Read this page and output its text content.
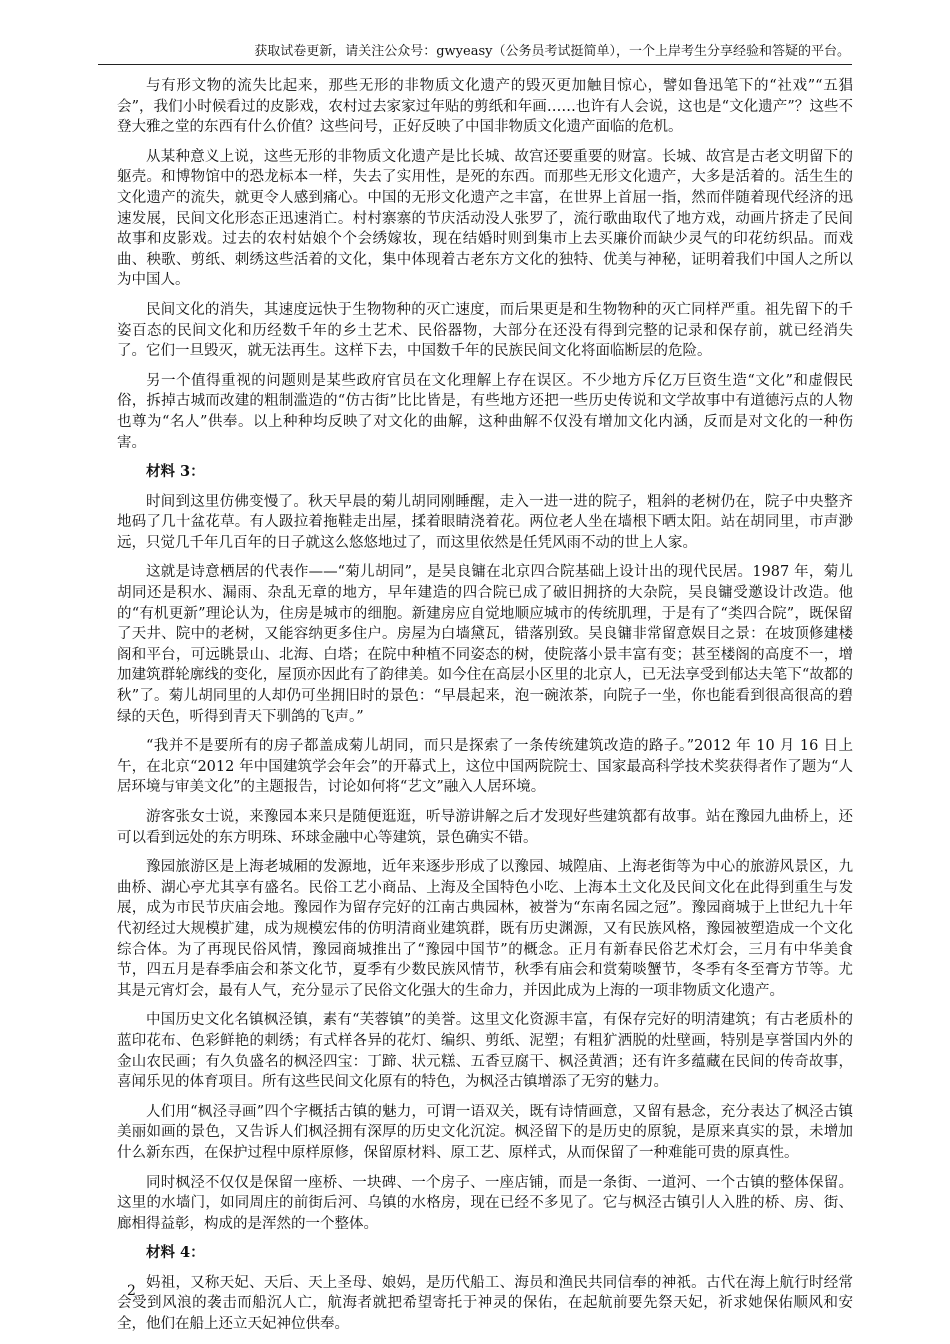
获取试卷更新，请关注公众号：gwyeasy（公务员考试挺简单），一个上岸考生分享经验和答疑的平台。

与有形文物的流失比起来，那些无形的非物质文化遗产的毁灭更加触目惊心，譬如鲁迅笔下的“社戏”“五猖会”，我们小时候看过的皮影戏，农村过去家家过年贴的剪纸和年画……也许有人会说，这也是“文化遗产”？这些不登大雅之堂的东西有什么价值？这些问号，正好反映了中国非物质文化遗产面临的危机。

从某种意义上说，这些无形的非物质文化遗产是比长城、故宫还要重要的财富。长城、故宫是古老文明留下的躯壳。和博物馆中的恐龙标本一样，失去了实用性，是死的东西。而那些无形文化遗产，大多是活着的。活生生的文化遗产的流失，就更令人感到痛心。中国的无形文化遗产之丰富，在世界上首屈一指，然而伴随着现代经济的迅速发展，民间文化形态正迅速消亡。村村寨寨的节庆活动没人张罗了，流行歌曲取代了地方戏，动画片挤走了民间故事和皮影戏。过去的农村姑娘个个会绣嫁妆，现在结婚时则到集市上去买廉价而缺少灵气的印花纺织品。而戏曲、秧歌、剪纸、刺绣这些活着的文化，集中体现着古老东方文化的独特、优美与神秘，证明着我们中国人之所以为中国人。

民间文化的消失，其速度远快于生物物种的灭亡速度，而后果更是和生物物种的灭亡同样严重。祖先留下的千姿百态的民间文化和历经数千年的乡土艺术、民俗器物，大部分在还没有得到完整的记录和保存前，就已经消失了。它们一旦毁灭，就无法再生。这样下去，中国数千年的民族民间文化将面临断层的危险。

另一个值得重视的问题则是某些政府官员在文化理解上存在误区。不少地方斥亿万巨资生造“文化”和虚假民俗，拆掉古城而改建的粗制滥造的“仿古街”比比皆是，有些地方还把一些历史传说和文学故事中有道德污点的人物也尊为“名人”供奉。以上种种均反映了对文化的曲解，这种曲解不仅没有增加文化内涵，反而是对文化的一种伤害。

材料 3：

时间到这里仿佛变慢了。秋天早晨的菊儿胡同刚睡醒，走入一进一进的院子，粗斜的老树仍在，院子中央整齐地码了几十盆花草。有人趿拉着拖鞋走出屋，揉着眼睛浇着花。两位老人坐在墙根下晒太阳。站在胡同里，市声渺远，只觉几千年几百年的日子就这么悠悠地过了，而这里依然是任凭风雨不动的世上人家。

这就是诗意栖居的代表作——“菊儿胡同”，是吴良镛在北京四合院基础上设计出的现代民居。1987 年，菊儿胡同还是积水、漏雨、杂乱无章的地方，早年建造的四合院已成了破旧拥挤的大杂院，吴良镛受邀设计改造。他的“有机更新”理论认为，住房是城市的细胞。新建房应自觉地顺应城市的传统肌理，于是有了“类四合院”，既保留了天井、院中的老树，又能容纳更多住户。房屋为白墙黛瓦，错落别致。吴良镛非常留意娱目之景：在坡顶修建楼阁和平台，可远眺景山、北海、白塔；在院中种植不同姿态的树，使院落小景丰富有变；甚至楼阁的高度不一，增加建筑群轮廓线的变化，屋顶亦因此有了韵律美。如今住在高层小区里的北京人，已无法享受到郁达夫笔下“故都的秋”了。菊儿胡同里的人却仍可坐拥旧时的景色：“早晨起来，泡一碗浓茶，向院子一坐，你也能看到很高很高的碧绿的天色，听得到青天下驯鸽的飞声。”

“我并不是要所有的房子都盖成菊儿胡同，而只是探索了一条传统建筑改造的路子。”2012 年 10 月 16 日上午，在北京“2012 年中国建筑学会年会”的开幕式上，这位中国两院院士、国家最高科学技术奖获得者作了题为“人居环境与审美文化”的主题报告，讨论如何将“艺文”融入人居环境。

游客张女士说，来豫园本来只是随便逛逛，听导游讲解之后才发现好些建筑都有故事。站在豫园九曲桥上，还可以看到远处的东方明珠、环球金融中心等建筑，景色确实不错。

豫园旅游区是上海老城厢的发源地，近年来逐步形成了以豫园、城隍庙、上海老街等为中心的旅游风景区，九曲桥、湖心亭尤其享有盛名。民俗工艺小商品、上海及全国特色小吃、上海本土文化及民间文化在此得到重生与发展，成为市民节庆庙会地。豫园作为留存完好的江南古典园林，被誉为“东南名园之冠”。豫园商城于上世纪九十年代初经过大规模扩建，成为规模宏伟的仿明清商业建筑群，既有历史渊源，又有民族风格，豫园被塑造成一个文化综合体。为了再现民俗风情，豫园商城推出了“豫园中国节”的概念。正月有新春民俗艺术灯会，三月有中华美食节，四五月是春季庙会和茶文化节，夏季有少数民族风情节，秋季有庙会和赏菊啖蟹节，冬季有冬至膏方节等。尤其是元宵灯会，最有人气，充分显示了民俗文化强大的生命力，并因此成为上海的一项非物质文化遗产。

中国历史文化名镇枫泾镇，素有“芙蓉镇”的美誉。这里文化资源丰富，有保存完好的明清建筑；有古老质朴的蓝印花布、色彩鲜艳的刺绣；有式样各异的花灯、编织、剪纸、泥塑；有粗犷洒脱的灶壁画，特别是享誉国内外的金山农民画；有久负盛名的枫泾四宝：丁蹄、状元糕、五香豆腐干、枫泾黄酒；还有许多蕴藏在民间的传奇故事，喜闻乐见的体育项目。所有这些民间文化原有的特色，为枫泾古镇增添了无穷的魅力。

人们用“枫泾寻画”四个字概括古镇的魅力，可谓一语双关，既有诗情画意，又留有悬念，充分表达了枫泾古镇美丽如画的景色，又告诉人们枫泾拥有深厚的历史文化沉淀。枫泾留下的是历史的原貌，是原来真实的景，未增加什么新东西，在保护过程中原样原修，保留原材料、原工艺、原样式，从而保留了一种难能可贵的原真性。

同时枫泾不仅仅是保留一座桥、一块碑、一个房子、一座店铺，而是一条街、一道河、一个古镇的整体保留。这里的水墙门，如同周庄的前街后河、乌镇的水格房，现在已经不多见了。它与枫泾古镇引人入胜的桥、房、街、廊相得益彰，构成的是浑然的一个整体。

材料 4：

妈祖，又称天妃、天后、天上圣母、娘妈，是历代船工、海员和渔民共同信奉的神祇。古代在海上航行时经常会受到风浪的袭击而船沉人亡，航海者就把希望寄托于神灵的保佑，在起航前要先祭天妃，祈求她保佑顺风和安全，他们在船上还立天妃神位供奉。

2
